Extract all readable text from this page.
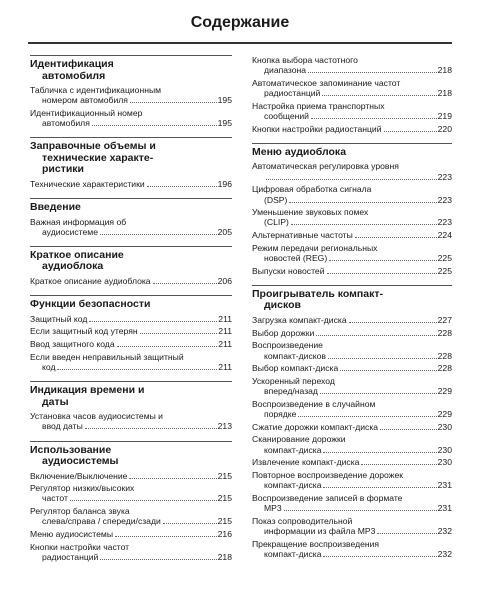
Содержание
Идентификация
автомобиля
Табличка с идентификационным
номером автомобиля	195
Идентификационный номер
автомобиля	195
Заправочные объемы и
технические характе-
ристики
Технические характеристики	196
Введение
Важная информация об
аудиосистеме	205
Краткое описание
аудиоблока
Краткое описание аудиоблока	206
Функции безопасности
Защитный код	211
Если защитный код утерян	211
Ввод защитного кода	211
Если введен неправильный защитный
код	211
Индикация времени и
даты
Установка часов аудиосистемы и
ввод даты	213
Использование
аудиосистемы
Включение/Выключение	215
Регулятор низких/высоких
частот	215
Регулятор баланса звука
слева/справа / спереди/сзади	215
Меню аудиосистемы	216
Кнопки настройки частот
радиостанций	218
Кнопка выбора частотного
диапазона	218
Автоматическое запоминание частот
радиостанций	218
Настройка приема транспортных
сообщений	219
Кнопки настройки радиостанций	220
Меню аудиоблока
Автоматическая регулировка уровня
223
Цифровая обработка сигнала
(DSP)	223
Уменьшение звуковых помех
(CLIP)	223
Альтернативные частоты	224
Режим передачи региональных
новостей (REG)	225
Выпуски новостей	225
Проигрыватель компакт-
дисков
Загрузка компакт-диска	227
Выбор дорожки	228
Воспроизведение
компакт-дисков	228
Выбор компакт-диска	228
Ускоренный переход
вперед/назад	229
Воспроизведение в случайном
порядке	229
Сжатие дорожки компакт-диска	230
Сканирование дорожки
компакт-диска	230
Извлечение компакт-диска	230
Повторное воспроизведение дорожек
компакт-диска	231
Воспроизведение записей в формате
MP3	231
Показ сопроводительной
информации из файла MP3	232
Прекращение воспроизведения
компакт-диска	232
